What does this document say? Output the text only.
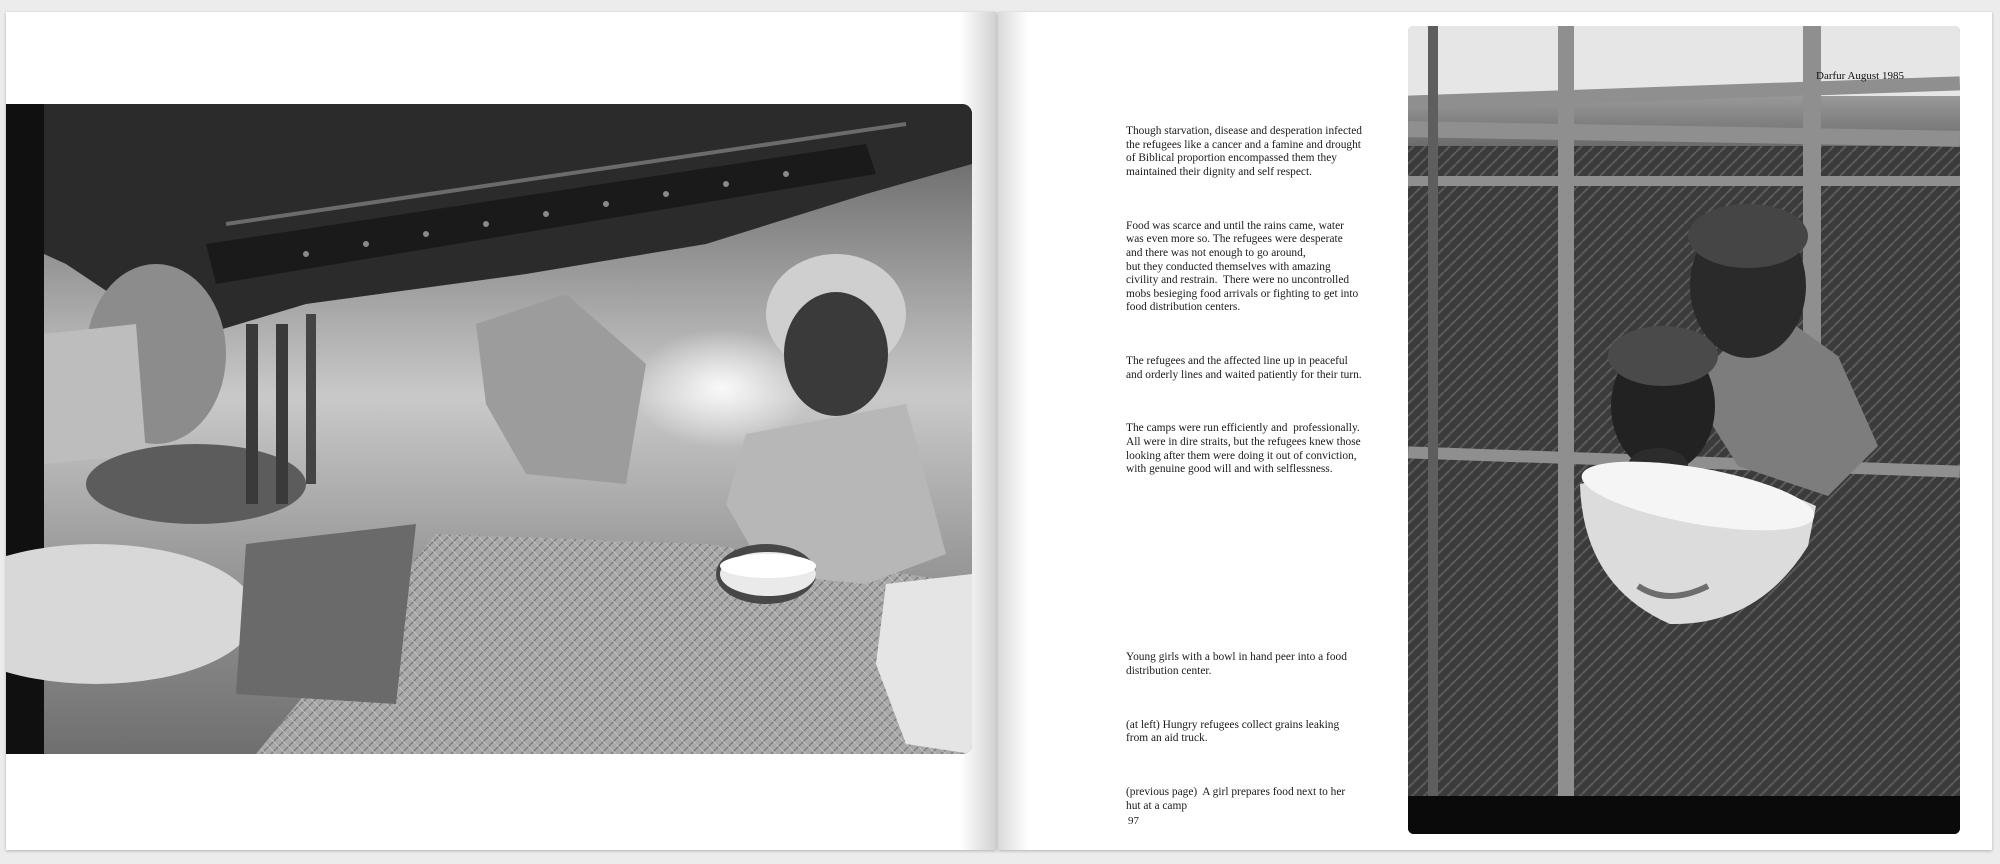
Though starvation, disease and desperation infected
the refugees like a cancer and a famine and drought
of Biblical proportion encompassed them they
maintained their dignity and self respect.

Food was scarce and until the rains came, water
was even more so. The refugees were desperate
and there was not enough to go around,
but they conducted themselves with amazing
civility and restrain.  There were no uncontrolled
mobs besieging food arrivals or fighting to get into
food distribution centers.

The refugees and the affected line up in peaceful
and orderly lines and waited patiently for their turn.

The camps were run efficiently and  professionally.
All were in dire straits, but the refugees knew those
looking after them were doing it out of conviction,
with genuine good will and with selflessness.

Young girls with a bowl in hand peer into a food
distribution center.

(at left) Hungry refugees collect grains leaking
from an aid truck.

(previous page)  A girl prepares food next to her
hut at a camp

97
Darfur August 1985
